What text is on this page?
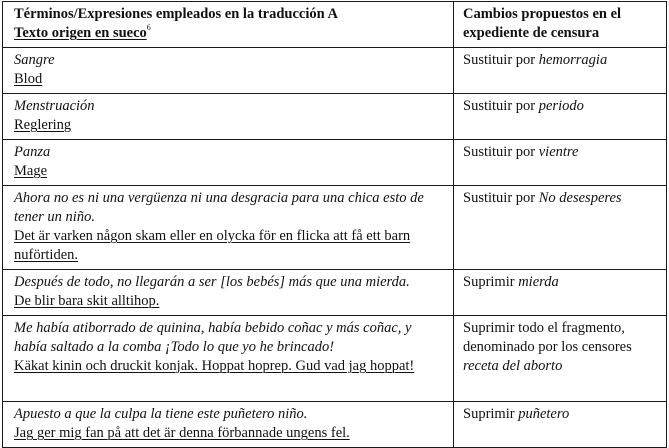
Términos/Expresiones empleados en la traducción A
Texto origen en sueco$^6$	Cambios propuestos en el
expediente de censura

Sangre
Blod	Sustituir por hemorragia

Menstruación
Reglering	Sustituir por periodo

Panza
Mage	Sustituir por vientre

Ahora no es ni una vergüenza ni una desgracia para una chica esto de tener un niño.
Det är varken någon skam eller en olycka för en flicka att få ett barn nuförtiden.	Sustituir por No desesperes

Después de todo, no llegarán a ser [los bebés] más que una mierda.
De blir bara skit alltihop.	Suprimir mierda

Me había atiborrado de quinina, había bebido coñac y más coñac, y había saltado a la comba ¡Todo lo que yo he brincado!
Käkat kinin och druckit konjak. Hoppat hoprep. Gud vad jag hoppat!	Suprimir todo el fragmento, denominado por los censores receta del aborto

Apuesto a que la culpa la tiene este puñetero niño.
Jag ger mig fan på att det är denna förbannade ungens fel.	Suprimir puñetero
